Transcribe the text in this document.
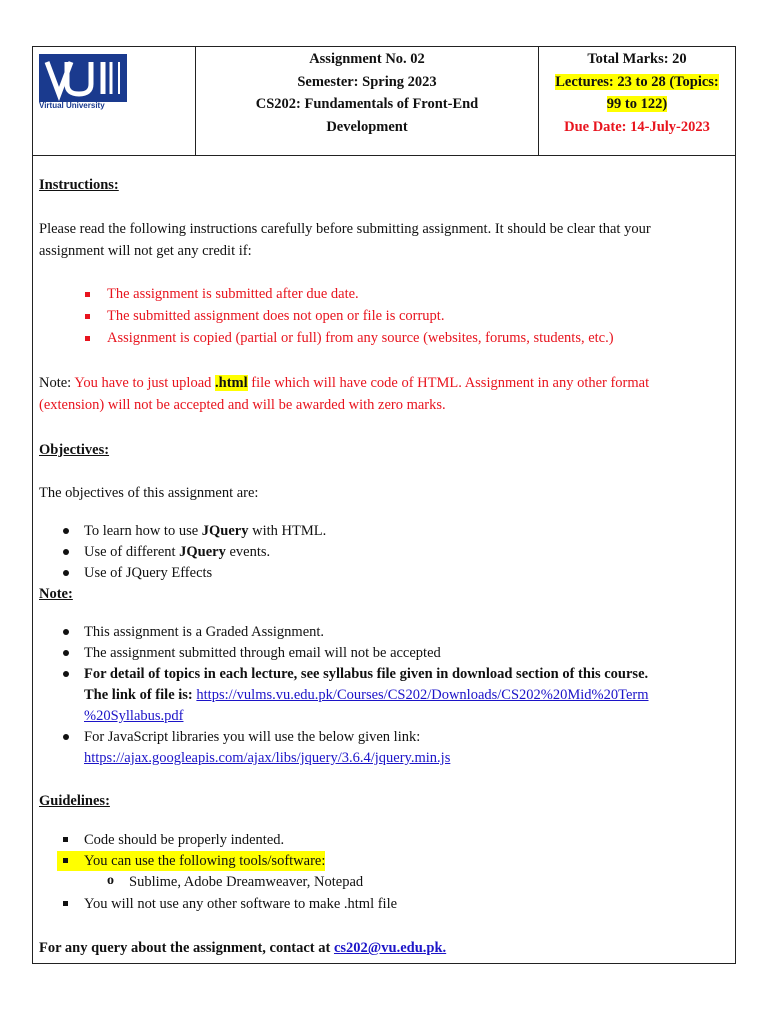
Virtual University
Assignment No. 02
Semester: Spring 2023
CS202: Fundamentals of Front-End
Development
Total Marks: 20
Lectures: 23 to 28 (Topics:
99 to 122)
Due Date: 14-July-2023
Instructions:
Please read the following instructions carefully before submitting assignment. It should be clear that your
assignment will not get any credit if:
The assignment is submitted after due date.
The submitted assignment does not open or file is corrupt.
Assignment is copied (partial or full) from any source (websites, forums, students, etc.)
Note: You have to just upload .html file which will have code of HTML. Assignment in any other format
(extension) will not be accepted and will be awarded with zero marks.
Objectives:
The objectives of this assignment are:
To learn how to use JQuery with HTML.
Use of different JQuery events.
Use of JQuery Effects
Note:
This assignment is a Graded Assignment.
The assignment submitted through email will not be accepted
For detail of topics in each lecture, see syllabus file given in download section of this course.
The link of file is: https://vulms.vu.edu.pk/Courses/CS202/Downloads/CS202%20Mid%20Term
%20Syllabus.pdf
For JavaScript libraries you will use the below given link:
https://ajax.googleapis.com/ajax/libs/jquery/3.6.4/jquery.min.js
Guidelines:
Code should be properly indented.
You can use the following tools/software:
o Sublime, Adobe Dreamweaver, Notepad
You will not use any other software to make .html file
For any query about the assignment, contact at cs202@vu.edu.pk.
